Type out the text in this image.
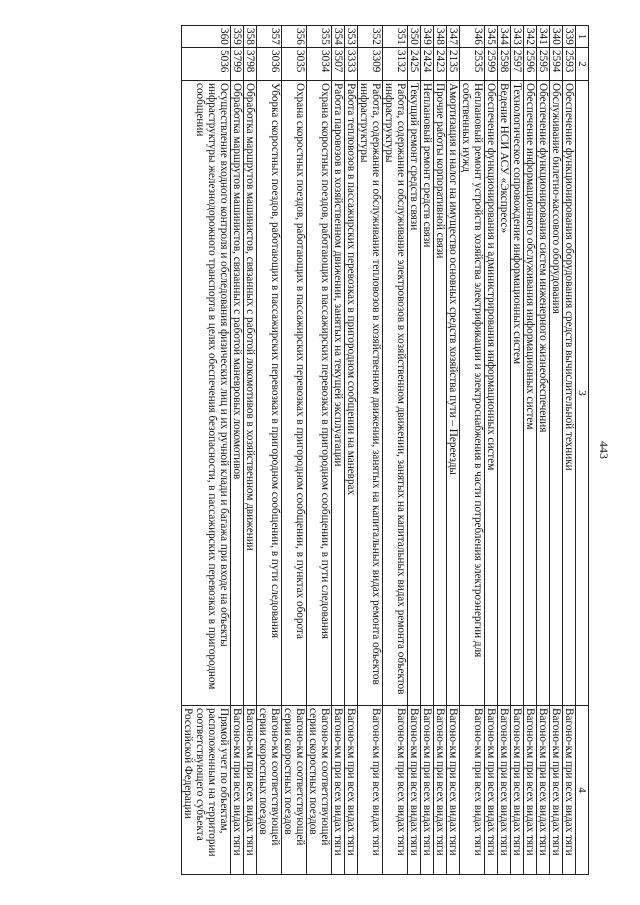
443
1	2	3	4
339	2593	Обеспечение функционирования оборудования средств вычислительной техники	Вагоно-км при всех видах тяги
340	2594	Обслуживание билетно-кассового оборудования	Вагоно-км при всех видах тяги
341	2595	Обеспечение функционирования систем инженерного жизнеобеспечения	Вагоно-км при всех видах тяги
342	2596	Обеспечение информационного обслуживания информационных систем	Вагоно-км при всех видах тяги
343	2597	Технологическое сопровождение информационных систем	Вагоно-км при всех видах тяги
344	2598	Ведение НСИ АСУ «Экспресс»	Вагоно-км при всех видах тяги
345	2599	Обеспечение функционирования и администрирования информационных систем	Вагоно-км при всех видах тяги
346	2535	Неплановый ремонт устройств хозяйства электрификации и электроснабжения в части потребления электроэнергии для собственных нужд	Вагоно-км при всех видах тяги
347	2135	Амортизация и налог на имущество основных средств хозяйства пути – Переезды	Вагоно-км при всех видах тяги
348	2423	Прочие работы корпоративной связи	Вагоно-км при всех видах тяги
349	2424	Неплановый ремонт средств связи	Вагоно-км при всех видах тяги
350	2425	Текущий ремонт средств связи	Вагоно-км при всех видах тяги
351	3132	Работа, содержание и обслуживание электровозов в хозяйственном движении, занятых на капитальных видах ремонта объектов инфраструктуры	Вагоно-км при всех видах тяги
352	3309	Работа, содержание и обслуживание тепловозов в хозяйственном движении, занятых на капитальных видах ремонта объектов инфраструктуры	Вагоно-км при всех видах тяги
353	3333	Работа тепловозов в пассажирских перевозках в пригородном сообщении на маневрах	Вагоно-км при всех видах тяги
354	3507	Работа паровозов в хозяйственном движении, занятых на текущей эксплуатации	Вагоно-км при всех видах тяги
355	3034	Охрана скоростных поездов, работающих в пассажирских перевозках в пригородном сообщении, в пути следования	Вагоно-км соответствующей серии скоростных поездов
356	3035	Охрана скоростных поездов, работающих в пассажирских перевозках в пригородном сообщении, в пунктах оборота	Вагоно-км соответствующей серии скоростных поездов
357	3036	Уборка скоростных поездов, работающих в пассажирских перевозках в пригородном сообщении, в пути следования	Вагоно-км соответствующей серии скоростных поездов
358	3798	Обработка маршрутов машинистов, связанных с работой локомотивов в хозяйственном движении	Вагоно-км при всех видах тяги
359	3799	Обработка маршрутов машинистов, связанных с работой маневровых локомотивов	Вагоно-км при всех видах тяги
360	5036	Осуществление входного контроля и обследования физических лиц и их ручной клади и багажа при входе на объекты инфраструктуры железнодорожного транспорта в целях обеспечения безопасности, в пассажирских перевозках в пригородном сообщении	Прямой учет по объектам, расположенным на территории соответствующего субъекта Российской Федерации
